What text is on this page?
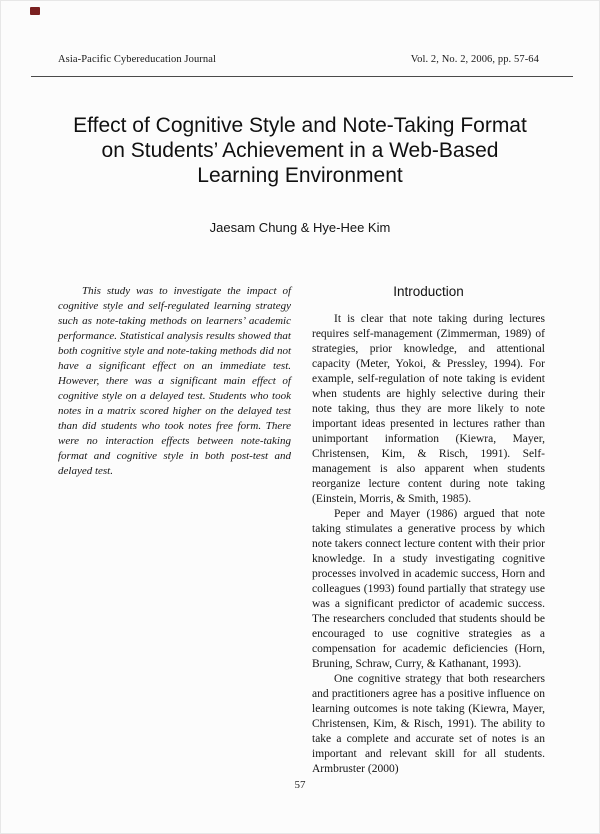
Asia-Pacific Cybereducation Journal	Vol. 2, No. 2, 2006, pp. 57-64
Effect of Cognitive Style and Note-Taking Format
on Students’ Achievement in a Web-Based
Learning Environment
Jaesam Chung & Hye-Hee Kim

This study was to investigate the impact of cognitive style and self-regulated learning strategy such as note-taking methods on learners’ academic performance. Statistical analysis results showed that both cognitive style and note-taking methods did not have a significant effect on an immediate test. However, there was a significant main effect of cognitive style on a delayed test. Students who took notes in a matrix scored higher on the delayed test than did students who took notes free form. There were no interaction effects between note-taking format and cognitive style in both post-test and delayed test.

Introduction

It is clear that note taking during lectures requires self-management (Zimmerman, 1989) of strategies, prior knowledge, and attentional capacity (Meter, Yokoi, & Pressley, 1994). For example, self-regulation of note taking is evident when students are highly selective during their note taking, thus they are more likely to note important ideas presented in lectures rather than unimportant information (Kiewra, Mayer, Christensen, Kim, & Risch, 1991). Self-management is also apparent when students reorganize lecture content during note taking (Einstein, Morris, & Smith, 1985).

Peper and Mayer (1986) argued that note taking stimulates a generative process by which note takers connect lecture content with their prior knowledge. In a study investigating cognitive processes involved in academic success, Horn and colleagues (1993) found partially that strategy use was a significant predictor of academic success. The researchers concluded that students should be encouraged to use cognitive strategies as a compensation for academic deficiencies (Horn, Bruning, Schraw, Curry, & Kathanant, 1993).

One cognitive strategy that both researchers and practitioners agree has a positive influence on learning outcomes is note taking (Kiewra, Mayer, Christensen, Kim, & Risch, 1991). The ability to take a complete and accurate set of notes is an important and relevant skill for all students. Armbruster (2000)

57
